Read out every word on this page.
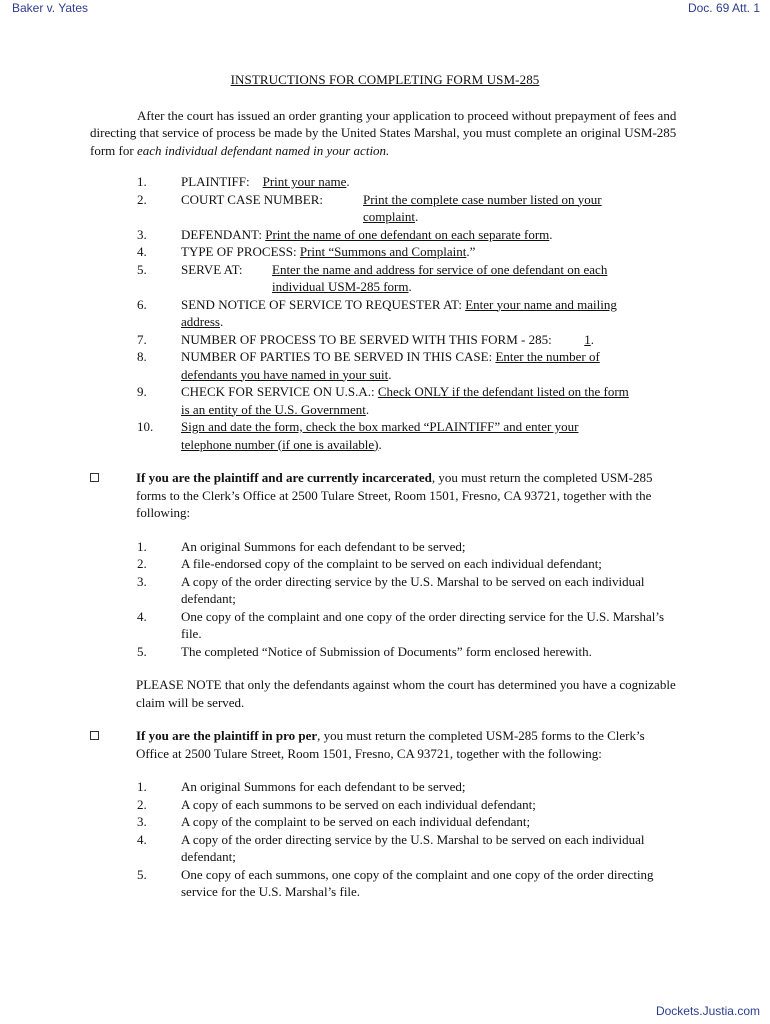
Baker v. Yates	Doc. 69 Att. 1
INSTRUCTIONS FOR COMPLETING FORM USM-285

After the court has issued an order granting your application to proceed without prepayment of fees and directing that service of process be made by the United States Marshal, you must complete an original USM-285 form for each individual defendant named in your action.

1.	PLAINTIFF: Print your name.
2.	COURT CASE NUMBER:	Print the complete case number listed on your
complaint.
3.	DEFENDANT: Print the name of one defendant on each separate form.
4.	TYPE OF PROCESS: Print “Summons and Complaint.”
5.	SERVE AT:	Enter the name and address for service of one defendant on each
individual USM-285 form.
6.	SEND NOTICE OF SERVICE TO REQUESTER AT: Enter your name and mailing
address.
7.	NUMBER OF PROCESS TO BE SERVED WITH THIS FORM - 285:	1.
8.	NUMBER OF PARTIES TO BE SERVED IN THIS CASE: Enter the number of
defendants you have named in your suit.
9.	CHECK FOR SERVICE ON U.S.A.: Check ONLY if the defendant listed on the form
is an entity of the U.S. Government.
10. Sign and date the form, check the box marked “PLAINTIFF” and enter your
telephone number (if one is available).
If you are the plaintiff and are currently incarcerated, you must return the completed USM-285 forms to the Clerk’s Office at 2500 Tulare Street, Room 1501, Fresno, CA 93721, together with the following:
1.	An original Summons for each defendant to be served;
2.	A file-endorsed copy of the complaint to be served on each individual defendant;
3.	A copy of the order directing service by the U.S. Marshal to be served on each individual defendant;
4.	One copy of the complaint and one copy of the order directing service for the U.S. Marshal’s file.
5.	The completed “Notice of Submission of Documents” form enclosed herewith.
PLEASE NOTE that only the defendants against whom the court has determined you have a cognizable claim will be served.
If you are the plaintiff in pro per, you must return the completed USM-285 forms to the Clerk’s Office at 2500 Tulare Street, Room 1501, Fresno, CA 93721, together with the following:
1.	An original Summons for each defendant to be served;
2.	A copy of each summons to be served on each individual defendant;
3.	A copy of the complaint to be served on each individual defendant;
4.	A copy of the order directing service by the U.S. Marshal to be served on each individual defendant;
5.	One copy of each summons, one copy of the complaint and one copy of the order directing service for the U.S. Marshal’s file.
Dockets.Justia.com
